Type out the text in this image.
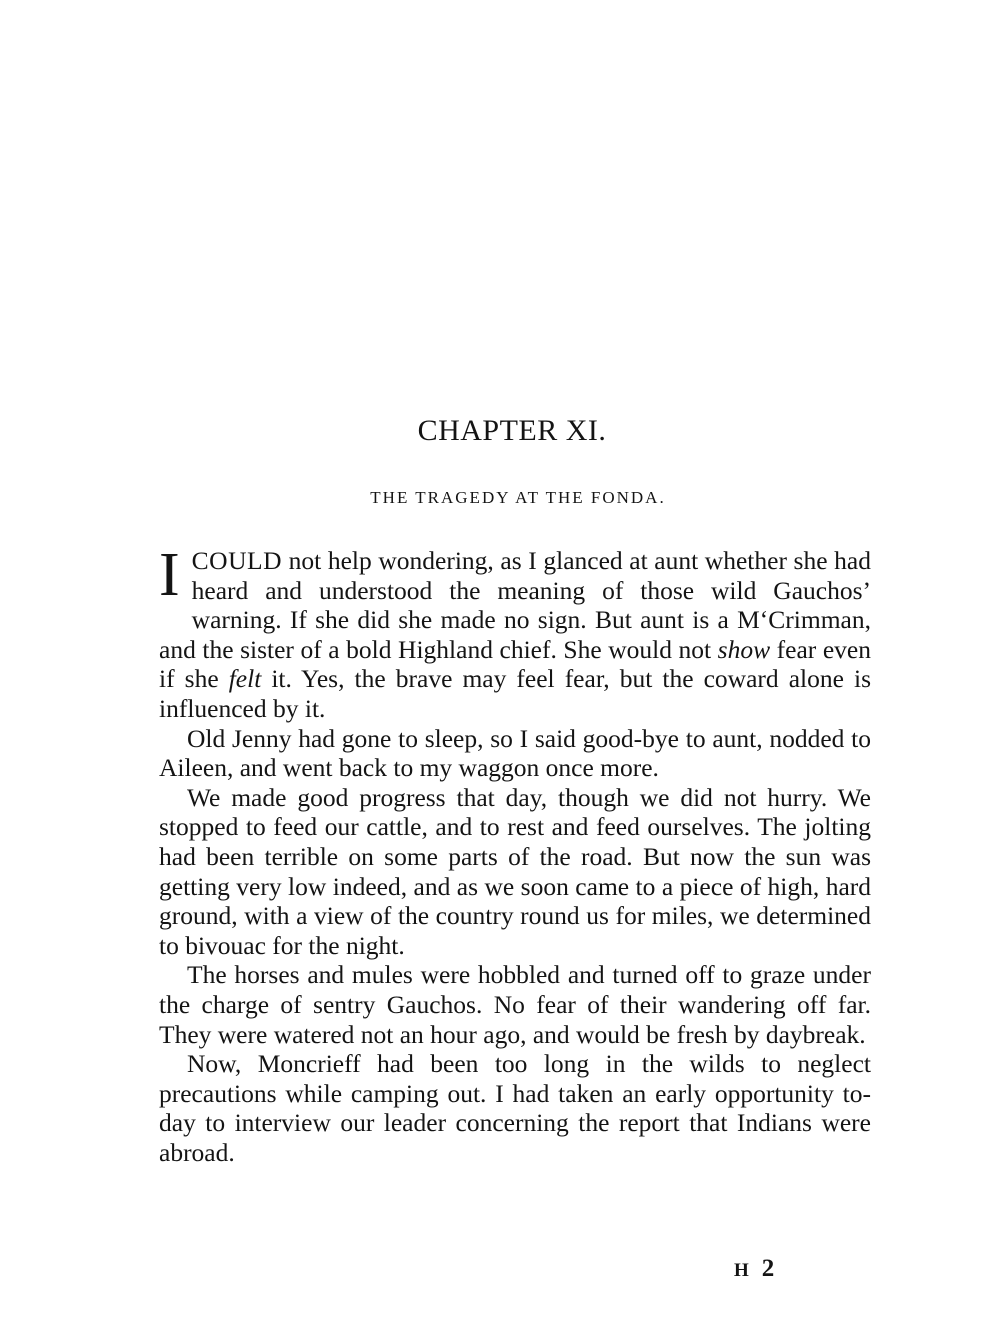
CHAPTER XI.
THE TRAGEDY AT THE FONDA.

ICOULD not help wondering, as I glanced at aunt whether she had heard and understood the meaning of those wild Gauchos’ warning. If she did she made no sign. But aunt is a M‘Crimman, and the sister of a bold Highland chief. She would not show fear even if she felt it. Yes, the brave may feel fear, but the coward alone is influenced by it.

Old Jenny had gone to sleep, so I said good-bye to aunt, nodded to Aileen, and went back to my waggon once more.

We made good progress that day, though we did not hurry. We stopped to feed our cattle, and to rest and feed ourselves. The jolting had been terrible on some parts of the road. But now the sun was getting very low indeed, and as we soon came to a piece of high, hard ground, with a view of the country round us for miles, we determined to bivouac for the night.

The horses and mules were hobbled and turned off to graze under the charge of sentry Gauchos. No fear of their wandering off far. They were watered not an hour ago, and would be fresh by daybreak.

Now, Moncrieff had been too long in the wilds to neglect precautions while camping out. I had taken an early opportunity to-day to interview our leader concerning the report that Indians were abroad.

H 2
